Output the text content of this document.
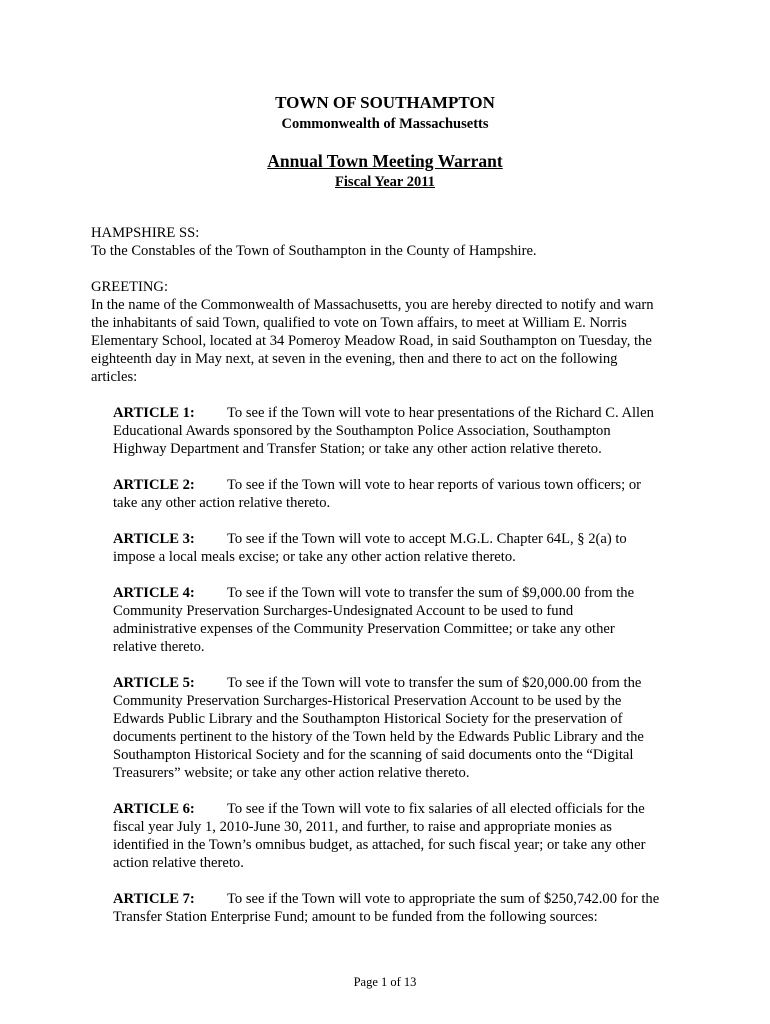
TOWN OF SOUTHAMPTON
Commonwealth of Massachusetts
Annual Town Meeting Warrant
Fiscal Year 2011

HAMPSHIRE SS:

To the Constables of the Town of Southampton in the County of Hampshire.

GREETING:

In the name of the Commonwealth of Massachusetts, you are hereby directed to notify and warn
the inhabitants of said Town, qualified to vote on Town affairs, to meet at William E. Norris
Elementary School, located at 34 Pomeroy Meadow Road, in said Southampton on Tuesday, the
eighteenth day in May next, at seven in the evening, then and there to act on the following
articles:
ARTICLE 1: To see if the Town will vote to hear presentations of the Richard C. Allen
Educational Awards sponsored by the Southampton Police Association, Southampton
Highway Department and Transfer Station; or take any other action relative thereto.
ARTICLE 2: To see if the Town will vote to hear reports of various town officers; or
take any other action relative thereto.
ARTICLE 3: To see if the Town will vote to accept M.G.L. Chapter 64L, § 2(a) to
impose a local meals excise; or take any other action relative thereto.
ARTICLE 4: To see if the Town will vote to transfer the sum of $9,000.00 from the
Community Preservation Surcharges-Undesignated Account to be used to fund
administrative expenses of the Community Preservation Committee; or take any other
relative thereto.
ARTICLE 5: To see if the Town will vote to transfer the sum of $20,000.00 from the
Community Preservation Surcharges-Historical Preservation Account to be used by the
Edwards Public Library and the Southampton Historical Society for the preservation of
documents pertinent to the history of the Town held by the Edwards Public Library and the
Southampton Historical Society and for the scanning of said documents onto the “Digital
Treasurers” website; or take any other action relative thereto.
ARTICLE 6: To see if the Town will vote to fix salaries of all elected officials for the
fiscal year July 1, 2010-June 30, 2011, and further, to raise and appropriate monies as
identified in the Town’s omnibus budget, as attached, for such fiscal year; or take any other
action relative thereto.
ARTICLE 7: To see if the Town will vote to appropriate the sum of $250,742.00 for the
Transfer Station Enterprise Fund; amount to be funded from the following sources:
Page 1 of 13
